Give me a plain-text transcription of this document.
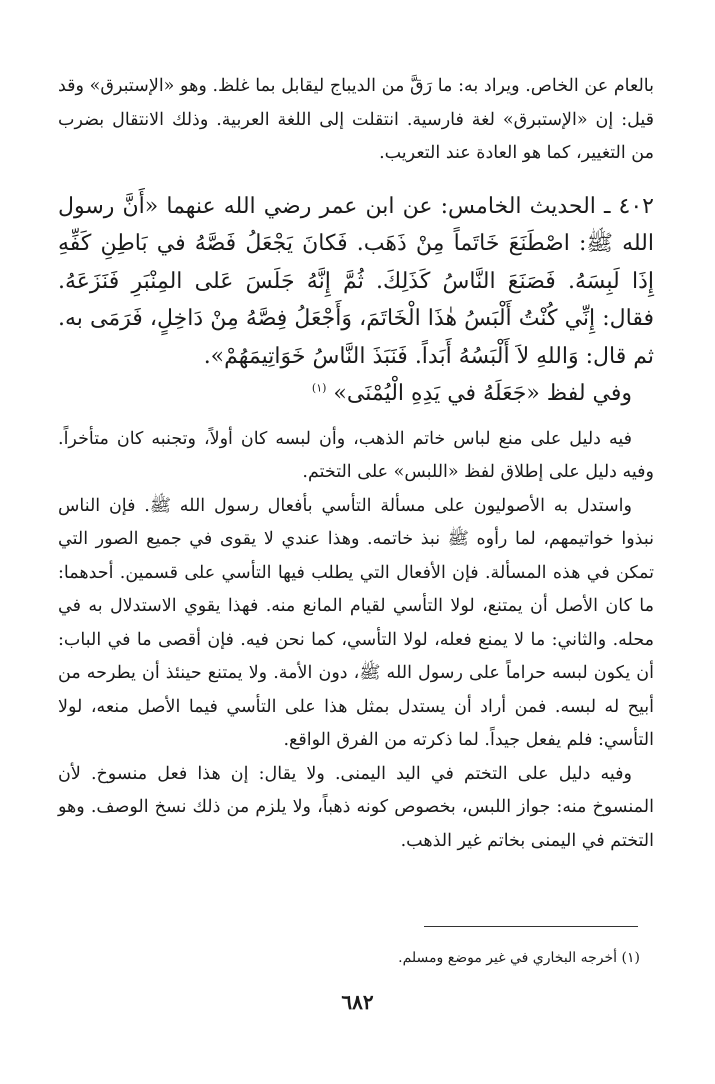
بالعام عن الخاص. ويراد به: ما رَقَّ من الديباج ليقابل بما غلظ. وهو «الإستبرق» وقد قيل: إن «الإستبرق» لغة فارسية. انتقلت إلى اللغة العربية. وذلك الانتقال بضرب من التغيير، كما هو العادة عند التعريب.

٤٠٢ ـ الحديث الخامس: عن ابن عمر رضي الله عنهما «أَنَّ رسول الله ﷺ: اصْطَنَعَ خَاتَماً مِنْ ذَهَب. فَكانَ يَجْعَلُ فَصَّهُ في بَاطِنِ كَفِّهِ إِذَا لَبِسَهُ. فَصَنَعَ النَّاسُ كَذَلِكَ. ثُمَّ إِنَّهُ جَلَسَ عَلى المِنْبَرِ فَنَزَعَهُ. فقال: إِنِّي كُنْتُ أَلْبَسُ هٰذَا الْخَاتَمَ، وَأَجْعَلُ فِصَّهُ مِنْ دَاخِلٍ، فَرَمَى به. ثم قال: وَاللهِ لاَ أَلْبَسُهُ أَبَداً. فَنَبَذَ النَّاسُ خَوَاتِيمَهُمْ».

وفي لفظ «جَعَلَهُ في يَدِهِ الْيُمْنَى» $^{(١)}$

فيه دليل على منع لباس خاتم الذهب، وأن لبسه كان أولاً، وتجنبه كان متأخراً. وفيه دليل على إطلاق لفظ «اللبس» على التختم.

واستدل به الأصوليون على مسألة التأسي بأفعال رسول الله ﷺ. فإن الناس نبذوا خواتيمهم، لما رأوه ﷺ نبذ خاتمه. وهذا عندي لا يقوى في جميع الصور التي تمكن في هذه المسألة. فإن الأفعال التي يطلب فيها التأسي على قسمين. أحدهما: ما كان الأصل أن يمتنع، لولا التأسي لقيام المانع منه. فهذا يقوي الاستدلال به في محله. والثاني: ما لا يمنع فعله، لولا التأسي، كما نحن فيه. فإن أقصى ما في الباب: أن يكون لبسه حراماً على رسول الله ﷺ، دون الأمة. ولا يمتنع حينئذ أن يطرحه من أبيح له لبسه. فمن أراد أن يستدل بمثل هذا على التأسي فيما الأصل منعه، لولا التأسي: فلم يفعل جيداً. لما ذكرته من الفرق الواقع.

وفيه دليل على التختم في اليد اليمنى. ولا يقال: إن هذا فعل منسوخ. لأن المنسوخ منه: جواز اللبس، بخصوص كونه ذهباً، ولا يلزم من ذلك نسخ الوصف. وهو التختم في اليمنى بخاتم غير الذهب.

(١) أخرجه البخاري في غير موضع ومسلم.

٦٨٢
